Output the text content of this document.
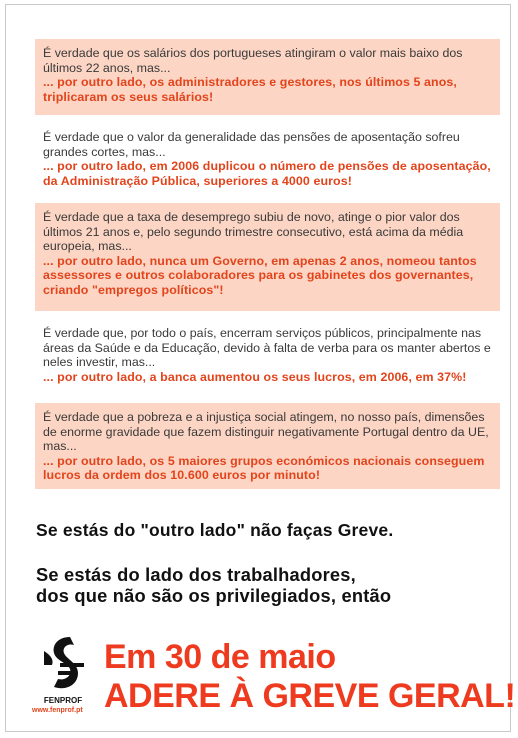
É verdade que os salários dos portugueses atingiram o valor mais baixo dos últimos 22 anos, mas...
... por outro lado, os administradores e gestores, nos últimos 5 anos, triplicaram os seus salários!
É verdade que o valor da generalidade das pensões de aposentação sofreu grandes cortes, mas...
... por outro lado, em 2006 duplicou o número de pensões de aposentação, da Administração Pública, superiores a 4000 euros!
É verdade que a taxa de desemprego subiu de novo, atinge o pior valor dos últimos 21 anos e, pelo segundo trimestre consecutivo, está acima da média europeia, mas...
... por outro lado, nunca um Governo, em apenas 2 anos, nomeou tantos assessores e outros colaboradores para os gabinetes dos governantes, criando "empregos políticos"!
É verdade que, por todo o país, encerram serviços públicos, principalmente nas áreas da Saúde e da Educação, devido à falta de verba para os manter abertos e neles investir, mas...
... por outro lado, a banca aumentou os seus lucros, em 2006, em 37%!
É verdade que a pobreza e a injustiça social atingem, no nosso país, dimensões de enorme gravidade que fazem distinguir negativamente Portugal dentro da UE, mas...
... por outro lado, os 5 maiores grupos económicos nacionais conseguem lucros da ordem dos 10.600 euros por minuto!
Se estás do "outro lado" não faças Greve.
Se estás do lado dos trabalhadores,
dos que não são os privilegiados, então
FENPROF
www.fenprof.pt
Em 30 de maio
ADERE À GREVE GERAL!
